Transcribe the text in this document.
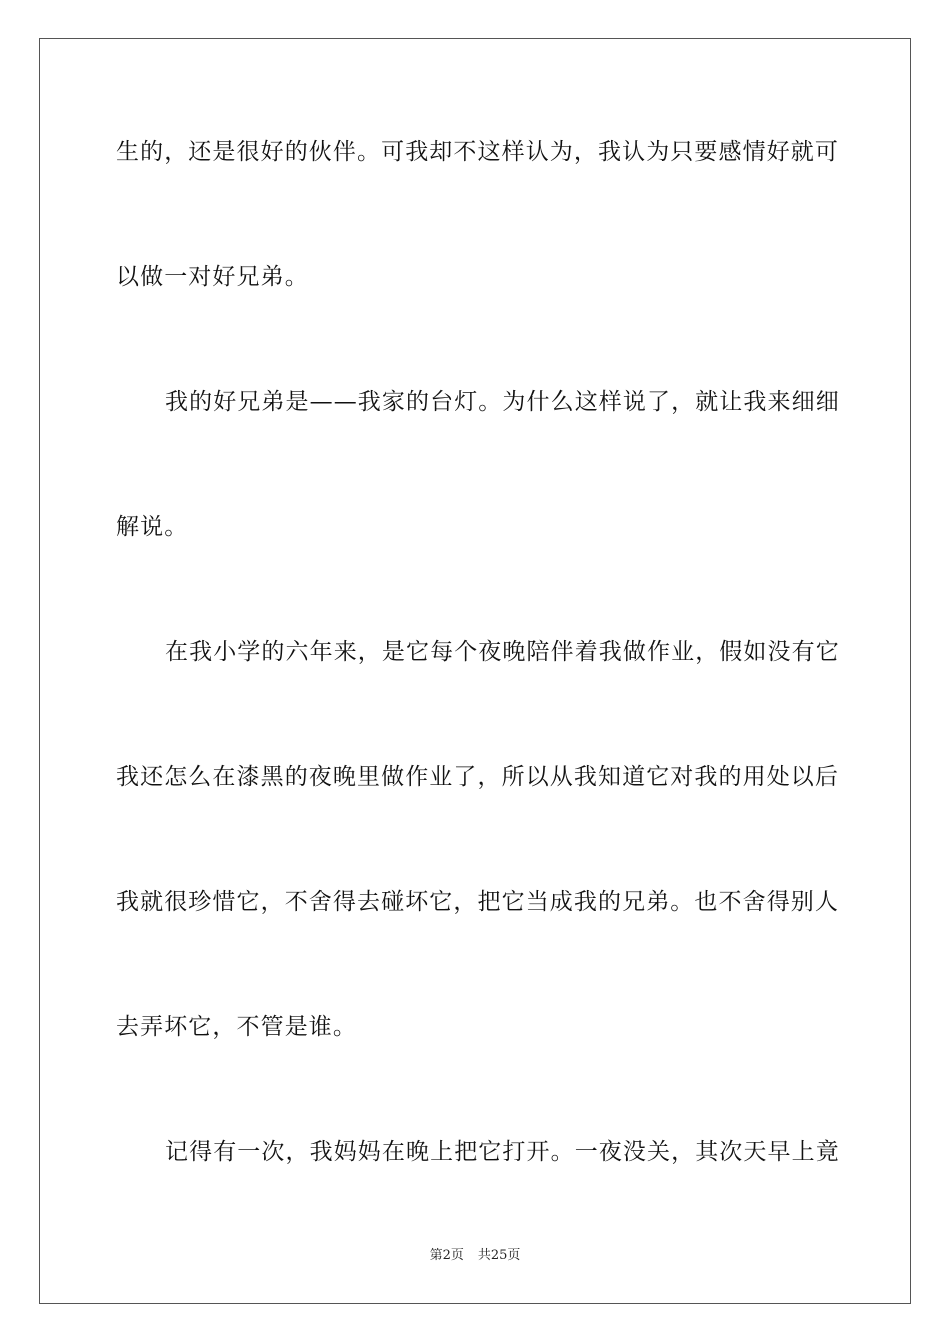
生的，还是很好的伙伴。可我却不这样认为，我认为只要感情好就可
以做一对好兄弟。
我的好兄弟是——我家的台灯。为什么这样说了，就让我来细细
解说。
在我小学的六年来，是它每个夜晚陪伴着我做作业，假如没有它
我还怎么在漆黑的夜晚里做作业了，所以从我知道它对我的用处以后
我就很珍惜它，不舍得去碰坏它，把它当成我的兄弟。也不舍得别人
去弄坏它，不管是谁。
记得有一次，我妈妈在晚上把它打开。一夜没关，其次天早上竟
第2页 共25页
